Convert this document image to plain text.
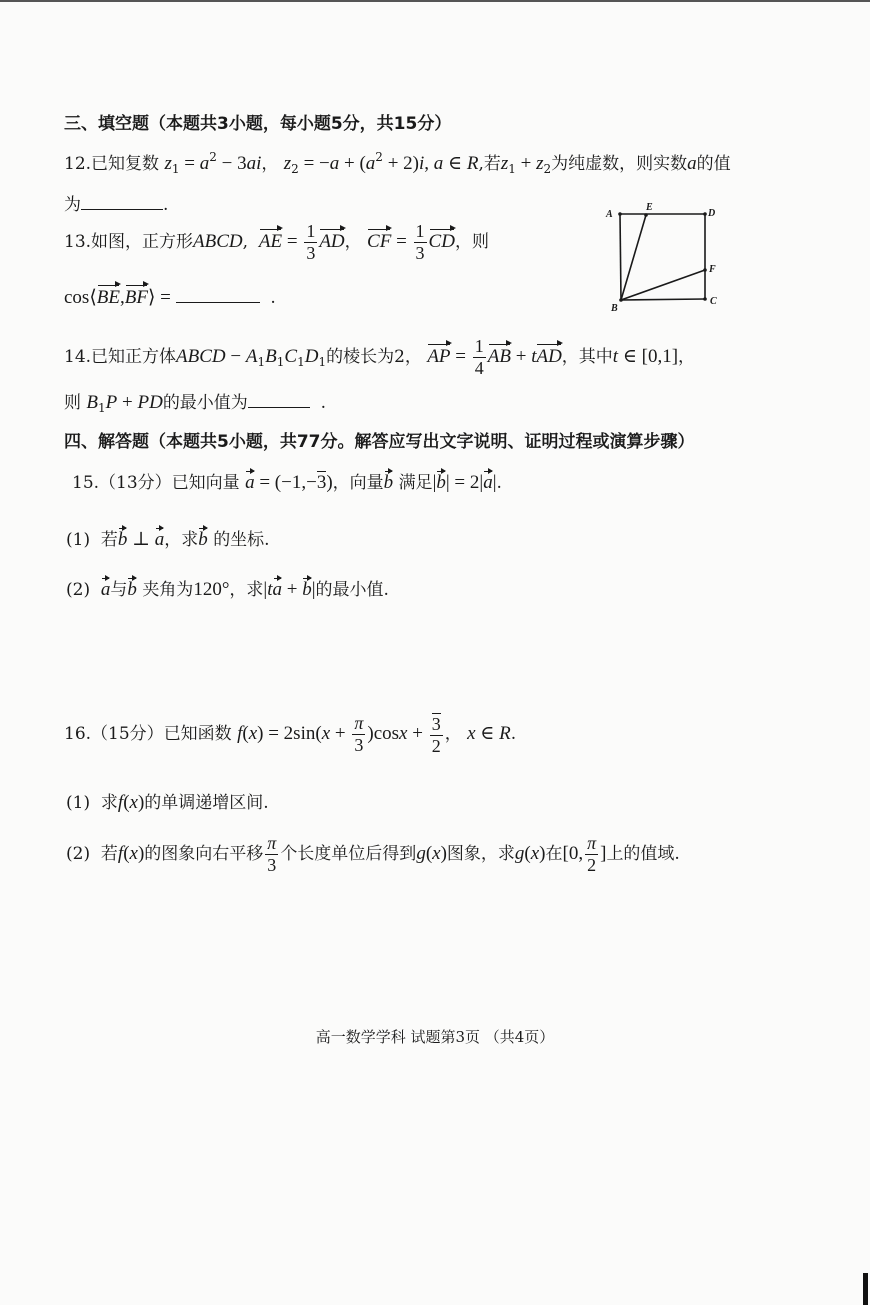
三、填空题（本题共3小题，每小题5分，共15分）
12.已知复数 $z_1 = a^2 - 3ai$， $z_2 = -a + (a^2 + 2)i$, a ∈ R,若$z_1 + z_2$为纯虚数，则实数a的值
为	.
13.如图，正方形ABCD,  AE = $\frac{1}{3}$ AD， CF = $\frac{1}{3}$ CD，则
cos⟨BE,BF⟩ =	.
A
E
D
F
C
B
14.已知正方体ABCD − $A_1B_1C_1D_1$的棱长为2， AP = $\frac{1}{4}$ AB + tAD，其中t ∈ [0,1]，
则 $B_1P$ + PD的最小值为	.
四、解答题（本题共5小题，共77分。解答应写出文字说明、证明过程或演算步骤）
15.（13分）已知向量 a = (−1,−3)，向量b 满足|b| = 2|a|.
(1) 若b ⊥ a，求b 的坐标.
(2) a与b 夹角为120°，求|ta + b|的最小值.
16.（15分）已知函数 $f(x) = 2\sin(x + \frac{\pi}{3} )\cos x + \frac{3}{2}$ ， x ∈ R.
(1) 求f(x)的单调递增区间.
(2) 若f(x)的图象向右平移 $\frac{\pi}{3}$ 个长度单位后得到g(x)图象，求g(x)在[0, $\frac{\pi}{2}$ ]上的值域.
高一数学学科 试题第3页 （共4页）
